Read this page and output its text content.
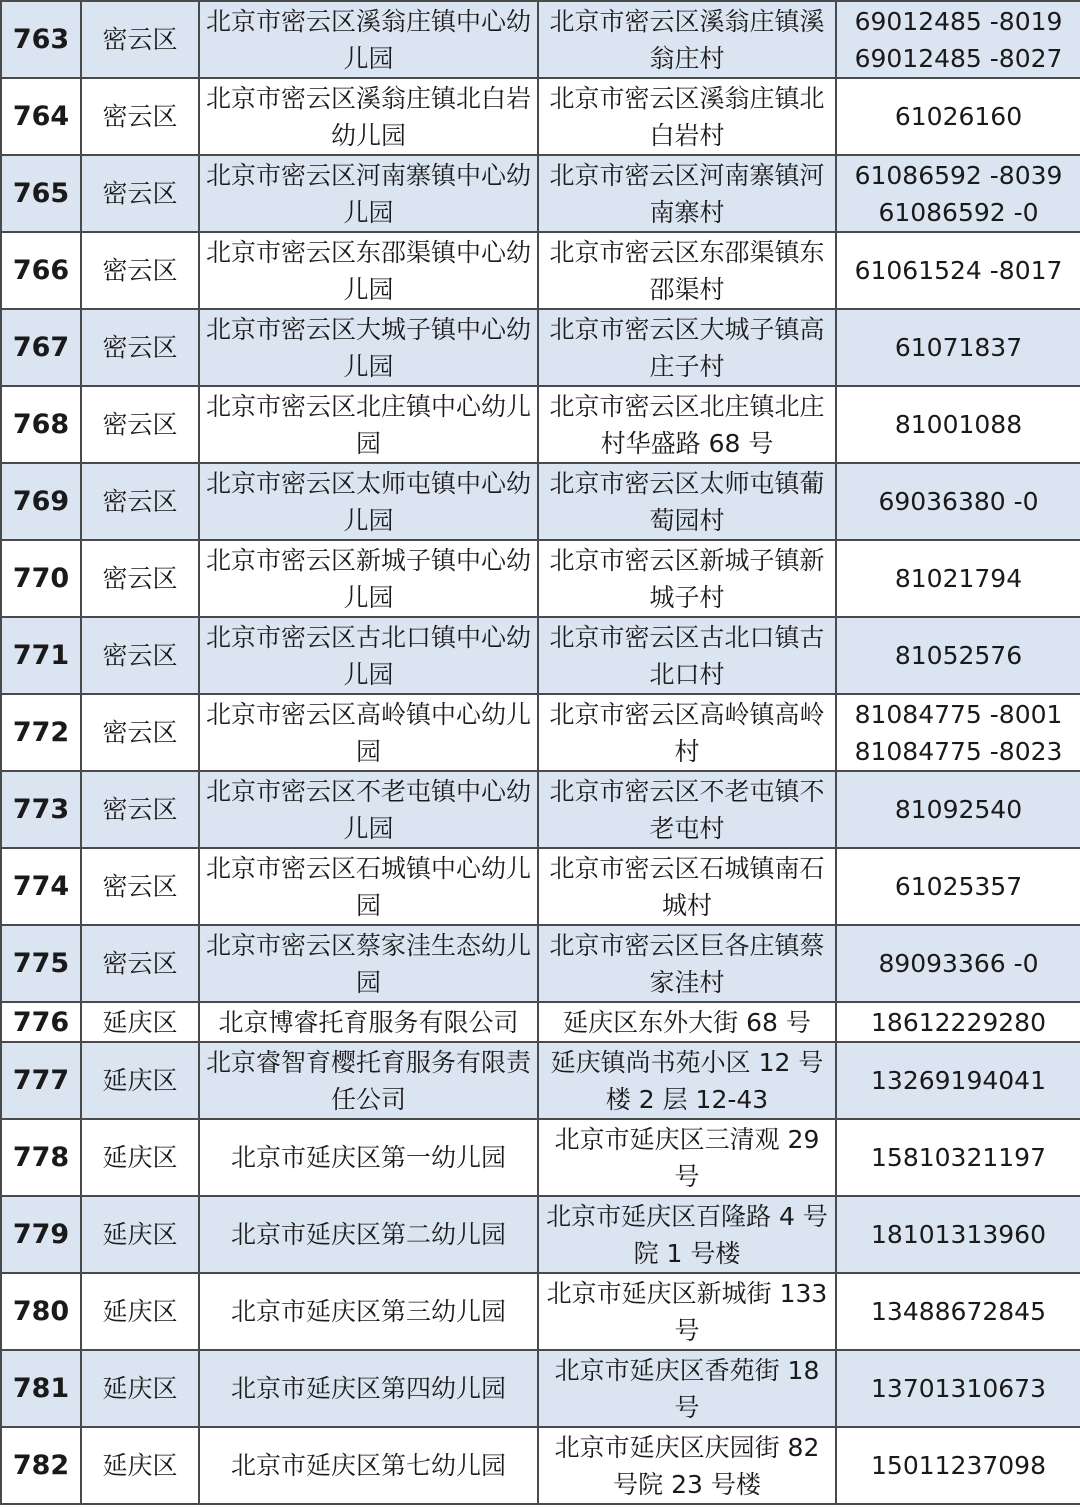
763	密云区	北京市密云区溪翁庄镇中心幼 儿园	北京市密云区溪翁庄镇溪翁庄村	69012485 -8019
69012485 -8027

764	密云区	北京市密云区溪翁庄镇北白岩 幼儿园	北京市密云区溪翁庄镇北白岩村	61026160

765	密云区	北京市密云区河南寨镇中心幼 儿园	北京市密云区河南寨镇河南寨村	61086592 -8039
61086592 -0

766	密云区	北京市密云区东邵渠镇中心幼 儿园	北京市密云区东邵渠镇东邵渠村	61061524 -8017

767	密云区	北京市密云区大城子镇中心幼 儿园	北京市密云区大城子镇高庄子村	61071837

768	密云区	北京市密云区北庄镇中心幼儿 园	北京市密云区北庄镇北庄村华盛路 68 号	81001088

769	密云区	北京市密云区太师屯镇中心幼 儿园	北京市密云区太师屯镇葡萄园村	69036380 -0

770	密云区	北京市密云区新城子镇中心幼 儿园	北京市密云区新城子镇新城子村	81021794

771	密云区	北京市密云区古北口镇中心幼 儿园	北京市密云区古北口镇古北口村	81052576

772	密云区	北京市密云区高岭镇中心幼儿 园	北京市密云区高岭镇高岭村	81084775 -8001
81084775 -8023

773	密云区	北京市密云区不老屯镇中心幼 儿园	北京市密云区不老屯镇不老屯村	81092540

774	密云区	北京市密云区石城镇中心幼儿 园	北京市密云区石城镇南石城村	61025357

775	密云区	北京市密云区蔡家洼生态幼儿 园	北京市密云区巨各庄镇蔡家洼村	89093366 -0

776	延庆区	北京博睿托育服务有限公司	延庆区东外大街 68 号	18612229280

777	延庆区	北京睿智育樱托育服务有限责 任公司	延庆镇尚书苑小区 12 号楼 2 层 12-43	13269194041

778	延庆区	北京市延庆区第一幼儿园	北京市延庆区三清观 29 号	15810321197

779	延庆区	北京市延庆区第二幼儿园	北京市延庆区百隆路 4 号院 1 号楼	18101313960

780	延庆区	北京市延庆区第三幼儿园	北京市延庆区新城街 133 号	13488672845

781	延庆区	北京市延庆区第四幼儿园	北京市延庆区香苑街 18 号	13701310673

782	延庆区	北京市延庆区第七幼儿园	北京市延庆区庆园街 82 号院 23 号楼	15011237098
